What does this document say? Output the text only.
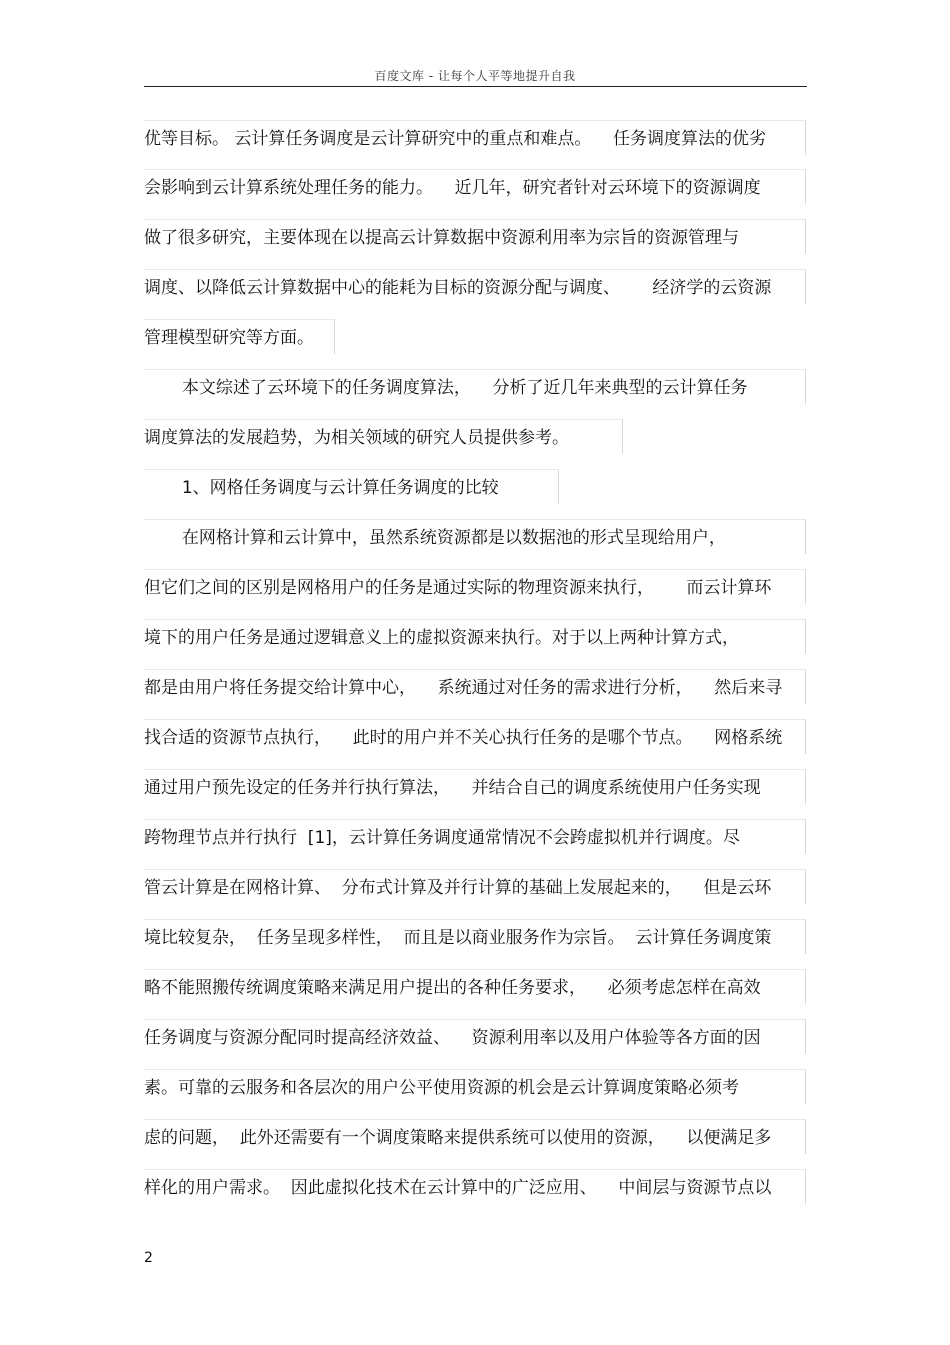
百度文库 - 让每个人平等地提升自我
优等目标。 云计算任务调度是云计算研究中的重点和难点。    任务调度算法的优劣
会影响到云计算系统处理任务的能力。    近几年，研究者针对云环境下的资源调度
做了很多研究，主要体现在以提高云计算数据中资源利用率为宗旨的资源管理与
调度、以降低云计算数据中心的能耗为目标的资源分配与调度、      经济学的云资源
管理模型研究等方面。
本文综述了云环境下的任务调度算法，    分析了近几年来典型的云计算任务
调度算法的发展趋势，为相关领域的研究人员提供参考。
1、网格任务调度与云计算任务调度的比较
在网格计算和云计算中，虽然系统资源都是以数据池的形式呈现给用户，
但它们之间的区别是网格用户的任务是通过实际的物理资源来执行，      而云计算环
境下的用户任务是通过逻辑意义上的虚拟资源来执行。对于以上两种计算方式，
都是由用户将任务提交给计算中心，    系统通过对任务的需求进行分析，    然后来寻
找合适的资源节点执行，    此时的用户并不关心执行任务的是哪个节点。    网格系统
通过用户预先设定的任务并行执行算法，    并结合自己的调度系统使用户任务实现
跨物理节点并行执行  [1]，云计算任务调度通常情况不会跨虚拟机并行调度。尽
管云计算是在网格计算、  分布式计算及并行计算的基础上发展起来的，    但是云环
境比较复杂，  任务呈现多样性，  而且是以商业服务作为宗旨。  云计算任务调度策
略不能照搬传统调度策略来满足用户提出的各种任务要求，    必须考虑怎样在高效
任务调度与资源分配同时提高经济效益、    资源利用率以及用户体验等各方面的因
素。可靠的云服务和各层次的用户公平使用资源的机会是云计算调度策略必须考
虑的问题，  此外还需要有一个调度策略来提供系统可以使用的资源，    以便满足多
样化的用户需求。  因此虚拟化技术在云计算中的广泛应用、    中间层与资源节点以
2
